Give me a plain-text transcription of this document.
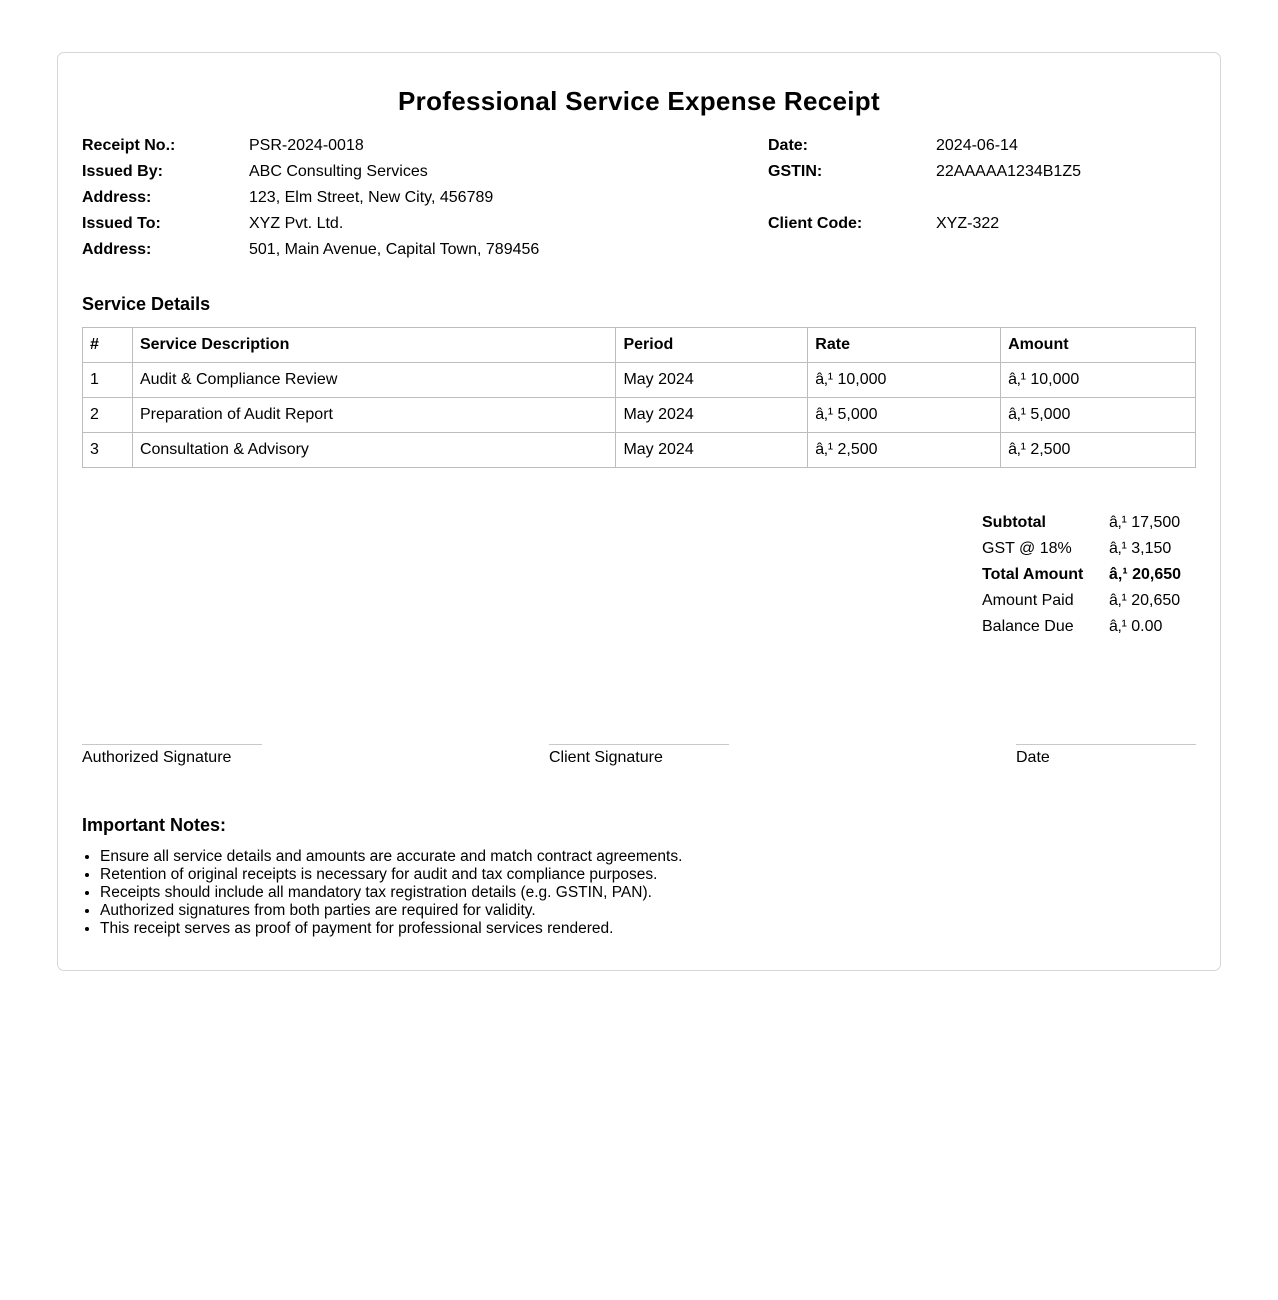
Professional Service Expense Receipt
Receipt No.:	PSR-2024-0018
Issued By:	ABC Consulting Services
Address:	123, Elm Street, New City, 456789
Issued To:	XYZ Pvt. Ltd.
Address:	501, Main Avenue, Capital Town, 789456
Date:	2024-06-14
GSTIN:	22AAAAA1234B1Z5
Client Code:	XYZ-322
Service Details
#	Service Description	Period	Rate	Amount
1	Audit & Compliance Review	May 2024	â‚¹ 10,000	â‚¹ 10,000
2	Preparation of Audit Report	May 2024	â‚¹ 5,000	â‚¹ 5,000
3	Consultation & Advisory	May 2024	â‚¹ 2,500	â‚¹ 2,500
Subtotal	â‚¹ 17,500
GST @ 18%	â‚¹ 3,150
Total Amount	â‚¹ 20,650
Amount Paid	â‚¹ 20,650
Balance Due	â‚¹ 0.00
Authorized Signature	Client Signature	Date
Important Notes:
• Ensure all service details and amounts are accurate and match contract agreements.
• Retention of original receipts is necessary for audit and tax compliance purposes.
• Receipts should include all mandatory tax registration details (e.g. GSTIN, PAN).
• Authorized signatures from both parties are required for validity.
• This receipt serves as proof of payment for professional services rendered.
